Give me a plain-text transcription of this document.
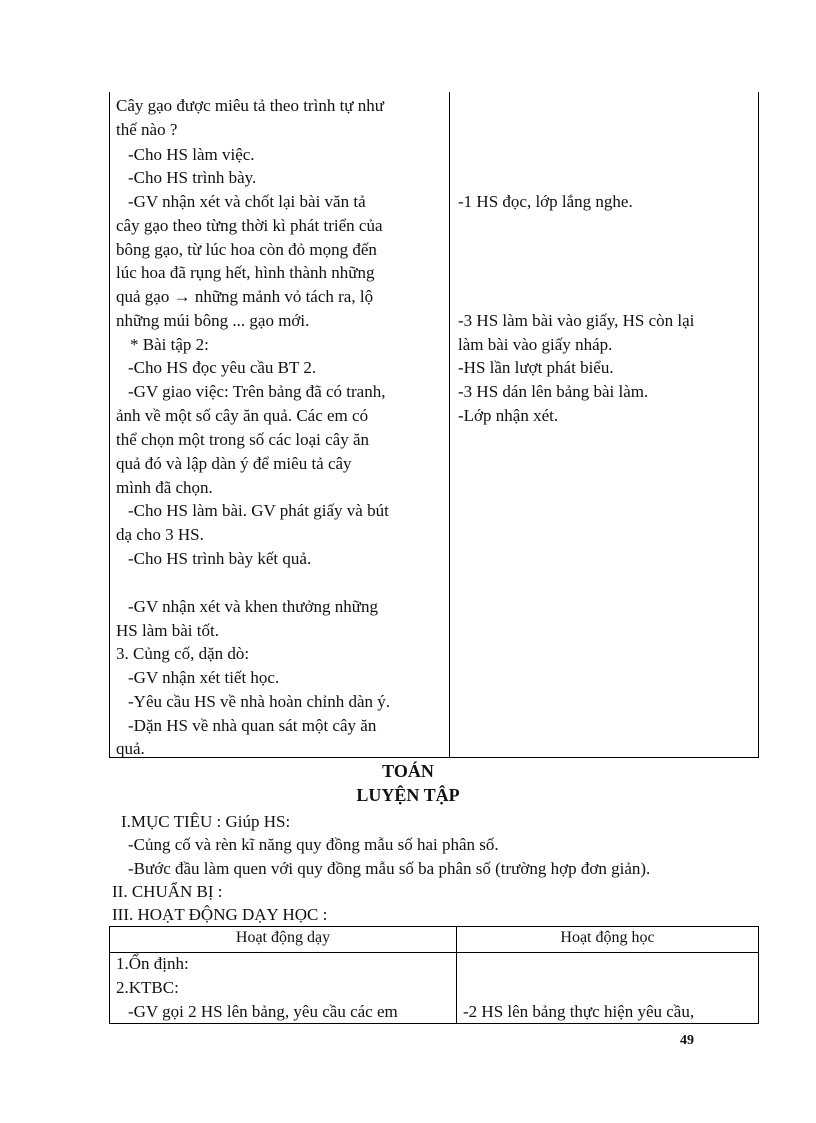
Cây gạo được miêu tả theo trình tự như
thế nào ?
-Cho HS làm việc.
-Cho HS trình bày.
-GV nhận xét và chốt lại bài văn tả
cây gạo theo từng thời kì phát triển của
bông gạo, từ lúc hoa còn đỏ mọng đến
lúc hoa đã rụng hết, hình thành những
quả gạo → những mảnh vỏ tách ra, lộ
những múi bông ... gạo mới.
* Bài tập 2:
-Cho HS đọc yêu cầu BT 2.
-GV giao việc: Trên bảng đã có tranh,
ảnh về một số cây ăn quả. Các em có
thể chọn một trong số các loại cây ăn
quả đó và lập dàn ý để miêu tả cây
mình đã chọn.
-Cho HS làm bài. GV phát giấy và bút
dạ cho 3 HS.
-Cho HS trình bày kết quả.
-GV nhận xét và khen thưởng những
HS làm bài tốt.
3. Củng cố, dặn dò:
-GV nhận xét tiết học.
-Yêu cầu HS về nhà hoàn chỉnh dàn ý.
-Dặn HS về nhà quan sát một cây ăn
quả.
-1 HS đọc, lớp lắng nghe.
-3 HS làm bài vào giấy, HS còn lại
làm bài vào giấy nháp.
-HS lần lượt phát biểu.
-3 HS dán lên bảng bài làm.
-Lớp nhận xét.
TOÁN
LUYỆN TẬP
I.MỤC TIÊU : Giúp HS:
-Củng cố và rèn kĩ năng quy đồng mẫu số hai phân số.
-Bước đầu làm quen với quy đồng mẫu số ba phân số (trường hợp đơn giản).
II. CHUẨN BỊ :
III. HOẠT ĐỘNG DẠY HỌC :
Hoạt động dạy	Hoạt động học
1.Ổn định:
2.KTBC:
-GV gọi 2 HS lên bảng, yêu cầu các em	-2 HS lên bảng thực hiện yêu cầu,
49
